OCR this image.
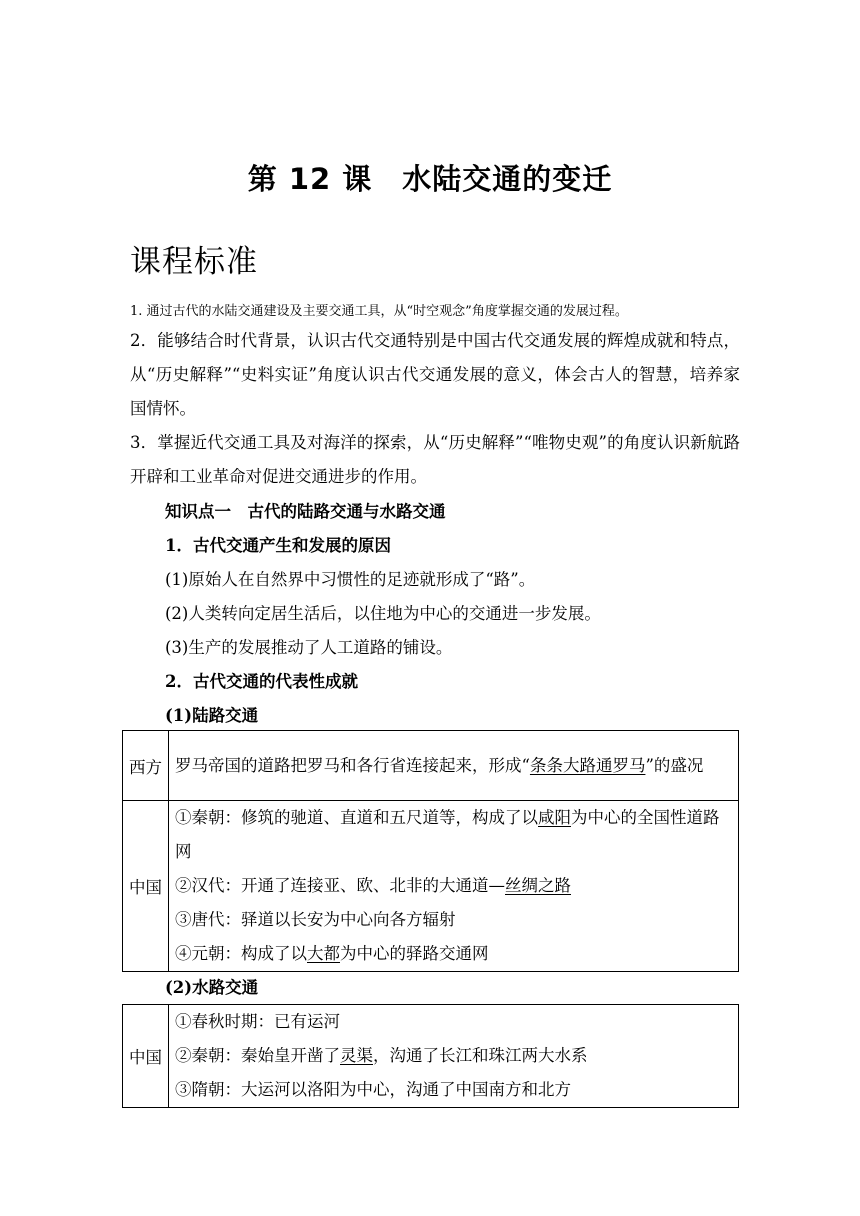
第 12 课　水陆交通的变迁
课程标准
1. 通过古代的水陆交通建设及主要交通工具，从“时空观念”角度掌握交通的发展过程。
2．能够结合时代背景，认识古代交通特别是中国古代交通发展的辉煌成就和特点，从“历史解释”“史料实证”角度认识古代交通发展的意义，体会古人的智慧，培养家国情怀。
3．掌握近代交通工具及对海洋的探索，从“历史解释”“唯物史观”的角度认识新航路开辟和工业革命对促进交通进步的作用。
知识点一　古代的陆路交通与水路交通
1．古代交通产生和发展的原因
(1)原始人在自然界中习惯性的足迹就形成了“路”。
(2)人类转向定居生活后，以住地为中心的交通进一步发展。
(3)生产的发展推动了人工道路的铺设。
2．古代交通的代表性成就
(1)陆路交通
西方	罗马帝国的道路把罗马和各行省连接起来，形成“条条大路通罗马”的盛况

中国	①秦朝：修筑的驰道、直道和五尺道等，构成了以咸阳为中心的全国性道路网
②汉代：开通了连接亚、欧、北非的大通道—丝绸之路
③唐代：驿道以长安为中心向各方辐射
④元朝：构成了以大都为中心的驿路交通网
(2)水路交通
中国	
①春秋时期：已有运河
②秦朝：秦始皇开凿了灵渠，沟通了长江和珠江两大水系
③隋朝：大运河以洛阳为中心，沟通了中国南方和北方
